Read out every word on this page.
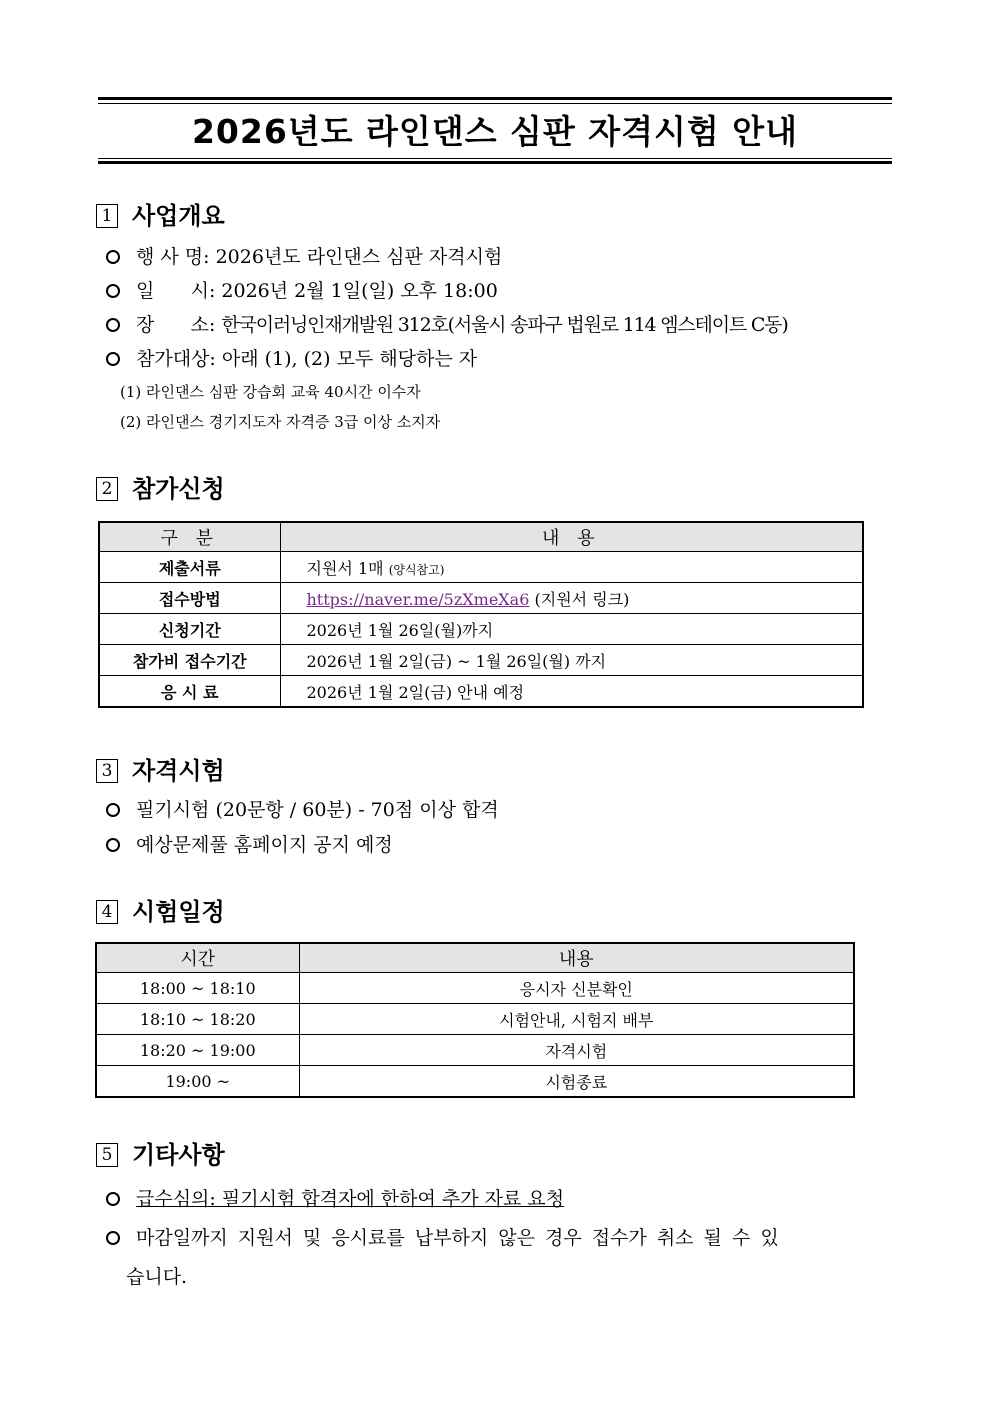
2026년도 라인댄스 심판 자격시험 안내
1 사업개요
행 사 명: 2026년도 라인댄스 심판 자격시험
일      시: 2026년 2월 1일(일) 오후 18:00
장      소: 한국이러닝인재개발원 312호(서울시 송파구 법원로 114 엠스테이트 C동)
참가대상: 아래 (1), (2) 모두 해당하는 자
(1) 라인댄스 심판 강습회 교육 40시간 이수자
(2) 라인댄스 경기지도자 자격증 3급 이상 소지자
2 참가신청
구 분	내 용
제출서류	지원서 1매 (양식참고)
접수방법	https://naver.me/5zXmeXa6 (지원서 링크)
신청기간	2026년 1월 26일(월)까지
참가비 접수기간	2026년 1월 2일(금) ~ 1월 26일(월) 까지
응 시 료	2026년 1월 2일(금) 안내 예정
3 자격시험
필기시험 (20문항 / 60분) - 70점 이상 합격
예상문제풀 홈페이지 공지 예정
4 시험일정
시간	내용
18:00 ~ 18:10	응시자 신분확인
18:10 ~ 18:20	시험안내, 시험지 배부
18:20 ~ 19:00	자격시험
19:00 ~	시험종료
5 기타사항
급수심의: 필기시험 합격자에 한하여 추가 자료 요청
마감일까지 지원서 및 응시료를 납부하지 않은 경우 접수가 취소 될 수 있
습니다.
